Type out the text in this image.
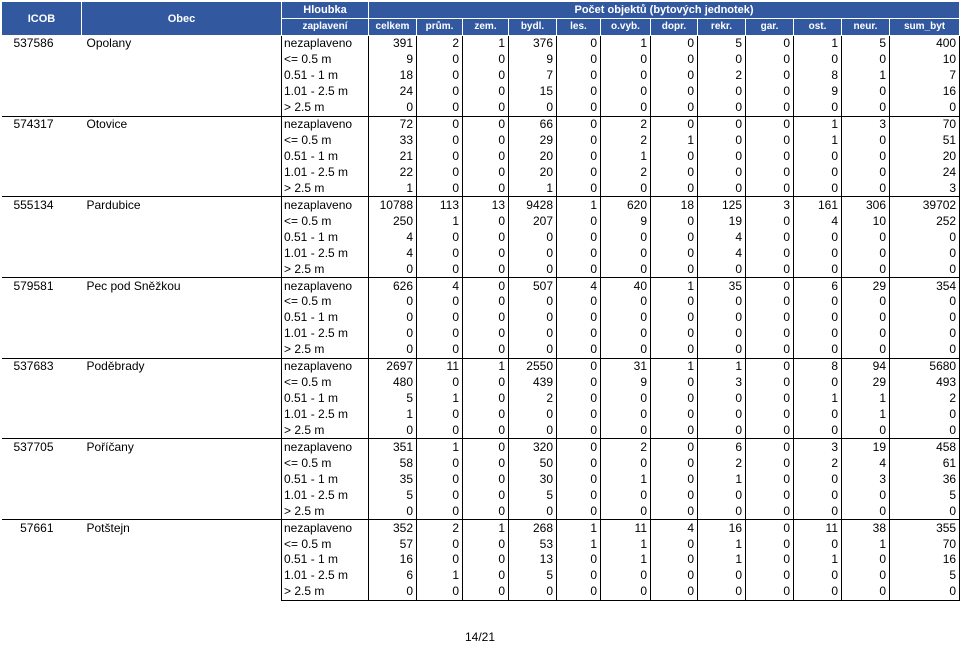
ICOB	Obec	Hloubka	Počet objektů (bytových jednotek)											
		zaplavení	celkem	prům.	zem.	bydl.	les.	o.vyb.	dopr.	rekr.	gar.	ost.	neur.	sum_byt
537586	Opolany	nezaplaveno	391	2	1	376	0	1	0	5	0	1	5	400
		<= 0.5 m	9	0	0	9	0	0	0	0	0	0	0	10
		0.51 - 1 m	18	0	0	7	0	0	0	2	0	8	1	7
		1.01 - 2.5 m	24	0	0	15	0	0	0	0	0	9	0	16
		> 2.5 m	0	0	0	0	0	0	0	0	0	0	0	0
574317	Otovice	nezaplaveno	72	0	0	66	0	2	0	0	0	1	3	70
		<= 0.5 m	33	0	0	29	0	2	1	0	0	1	0	51
		0.51 - 1 m	21	0	0	20	0	1	0	0	0	0	0	20
		1.01 - 2.5 m	22	0	0	20	0	2	0	0	0	0	0	24
		> 2.5 m	1	0	0	1	0	0	0	0	0	0	0	3
555134	Pardubice	nezaplaveno	10788	113	13	9428	1	620	18	125	3	161	306	39702
		<= 0.5 m	250	1	0	207	0	9	0	19	0	4	10	252
		0.51 - 1 m	4	0	0	0	0	0	0	4	0	0	0	0
		1.01 - 2.5 m	4	0	0	0	0	0	0	4	0	0	0	0
		> 2.5 m	0	0	0	0	0	0	0	0	0	0	0	0
579581	Pec pod Sněžkou	nezaplaveno	626	4	0	507	4	40	1	35	0	6	29	354
		<= 0.5 m	0	0	0	0	0	0	0	0	0	0	0	0
		0.51 - 1 m	0	0	0	0	0	0	0	0	0	0	0	0
		1.01 - 2.5 m	0	0	0	0	0	0	0	0	0	0	0	0
		> 2.5 m	0	0	0	0	0	0	0	0	0	0	0	0
537683	Poděbrady	nezaplaveno	2697	11	1	2550	0	31	1	1	0	8	94	5680
		<= 0.5 m	480	0	0	439	0	9	0	3	0	0	29	493
		0.51 - 1 m	5	1	0	2	0	0	0	0	0	1	1	2
		1.01 - 2.5 m	1	0	0	0	0	0	0	0	0	0	1	0
		> 2.5 m	0	0	0	0	0	0	0	0	0	0	0	0
537705	Poříčany	nezaplaveno	351	1	0	320	0	2	0	6	0	3	19	458
		<= 0.5 m	58	0	0	50	0	0	0	2	0	2	4	61
		0.51 - 1 m	35	0	0	30	0	1	0	1	0	0	3	36
		1.01 - 2.5 m	5	0	0	5	0	0	0	0	0	0	0	5
		> 2.5 m	0	0	0	0	0	0	0	0	0	0	0	0
57661	Potštejn	nezaplaveno	352	2	1	268	1	11	4	16	0	11	38	355
		<= 0.5 m	57	0	0	53	1	1	0	1	0	0	1	70
		0.51 - 1 m	16	0	0	13	0	1	0	1	0	1	0	16
		1.01 - 2.5 m	6	1	0	5	0	0	0	0	0	0	0	5
		> 2.5 m	0	0	0	0	0	0	0	0	0	0	0	0
14/21
